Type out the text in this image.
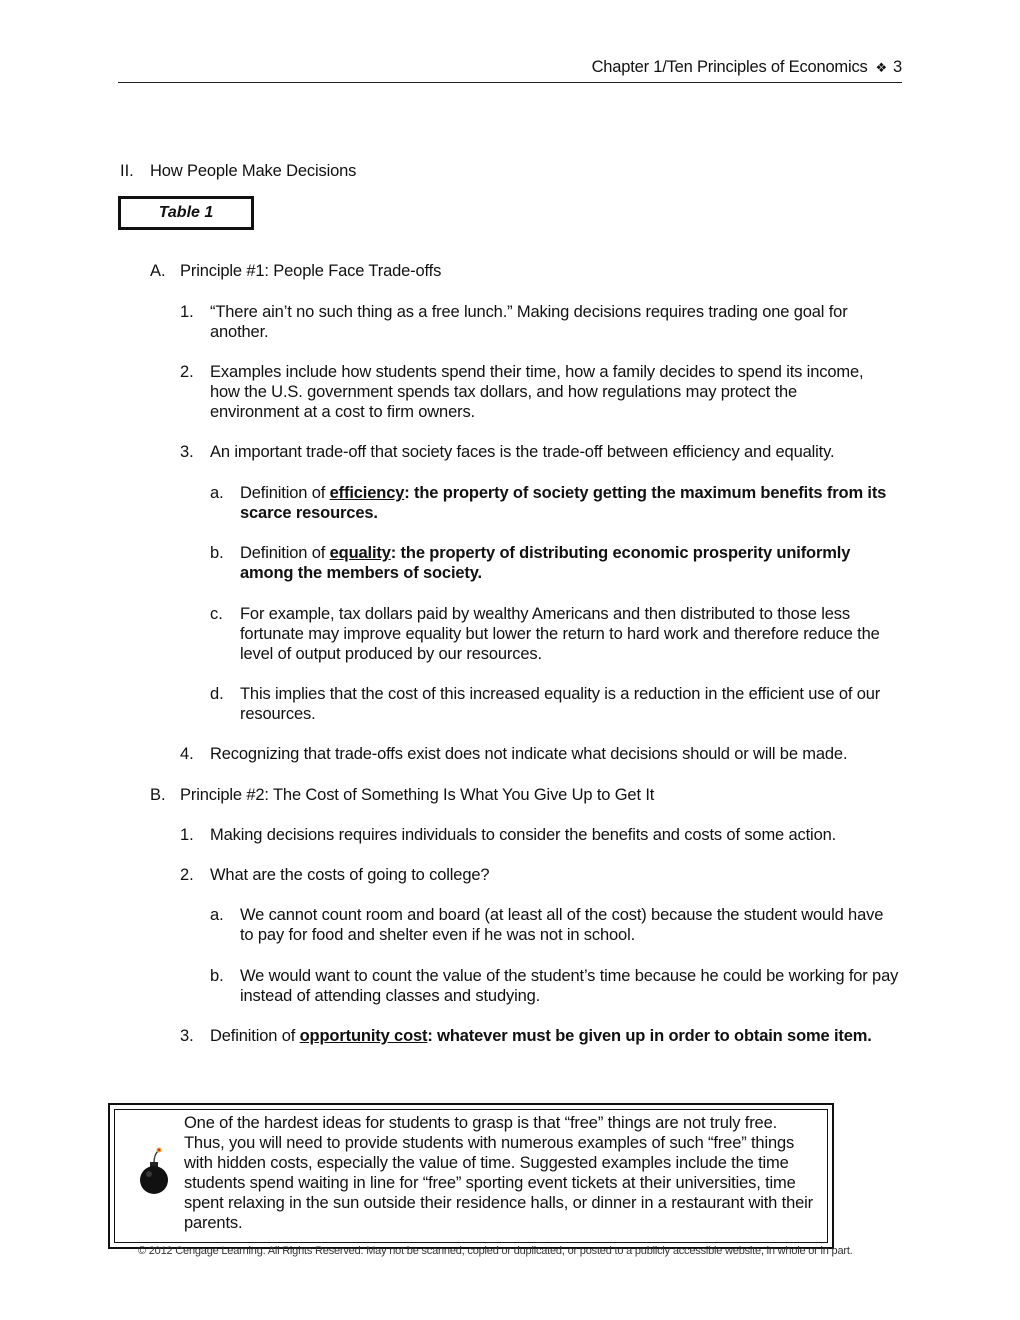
Chapter 1/Ten Principles of Economics ❖ 3
II. How People Make Decisions
Table 1
A. Principle #1: People Face Trade-offs
1. “There ain’t no such thing as a free lunch.” Making decisions requires trading one goal for another.
2. Examples include how students spend their time, how a family decides to spend its income, how the U.S. government spends tax dollars, and how regulations may protect the environment at a cost to firm owners.
3. An important trade-off that society faces is the trade-off between efficiency and equality.
a. Definition of efficiency: the property of society getting the maximum benefits from its scarce resources.
b. Definition of equality: the property of distributing economic prosperity uniformly among the members of society.
c. For example, tax dollars paid by wealthy Americans and then distributed to those less fortunate may improve equality but lower the return to hard work and therefore reduce the level of output produced by our resources.
d. This implies that the cost of this increased equality is a reduction in the efficient use of our resources.
4. Recognizing that trade-offs exist does not indicate what decisions should or will be made.
B. Principle #2: The Cost of Something Is What You Give Up to Get It
1. Making decisions requires individuals to consider the benefits and costs of some action.
2. What are the costs of going to college?
a. We cannot count room and board (at least all of the cost) because the student would have to pay for food and shelter even if he was not in school.
b. We would want to count the value of the student’s time because he could be working for pay instead of attending classes and studying.
3. Definition of opportunity cost: whatever must be given up in order to obtain some item.
One of the hardest ideas for students to grasp is that “free” things are not truly free. Thus, you will need to provide students with numerous examples of such “free” things with hidden costs, especially the value of time. Suggested examples include the time students spend waiting in line for “free” sporting event tickets at their universities, time spent relaxing in the sun outside their residence halls, or dinner in a restaurant with their parents.
© 2012 Cengage Learning. All Rights Reserved. May not be scanned, copied or duplicated, or posted to a publicly accessible website, in whole or in part.
